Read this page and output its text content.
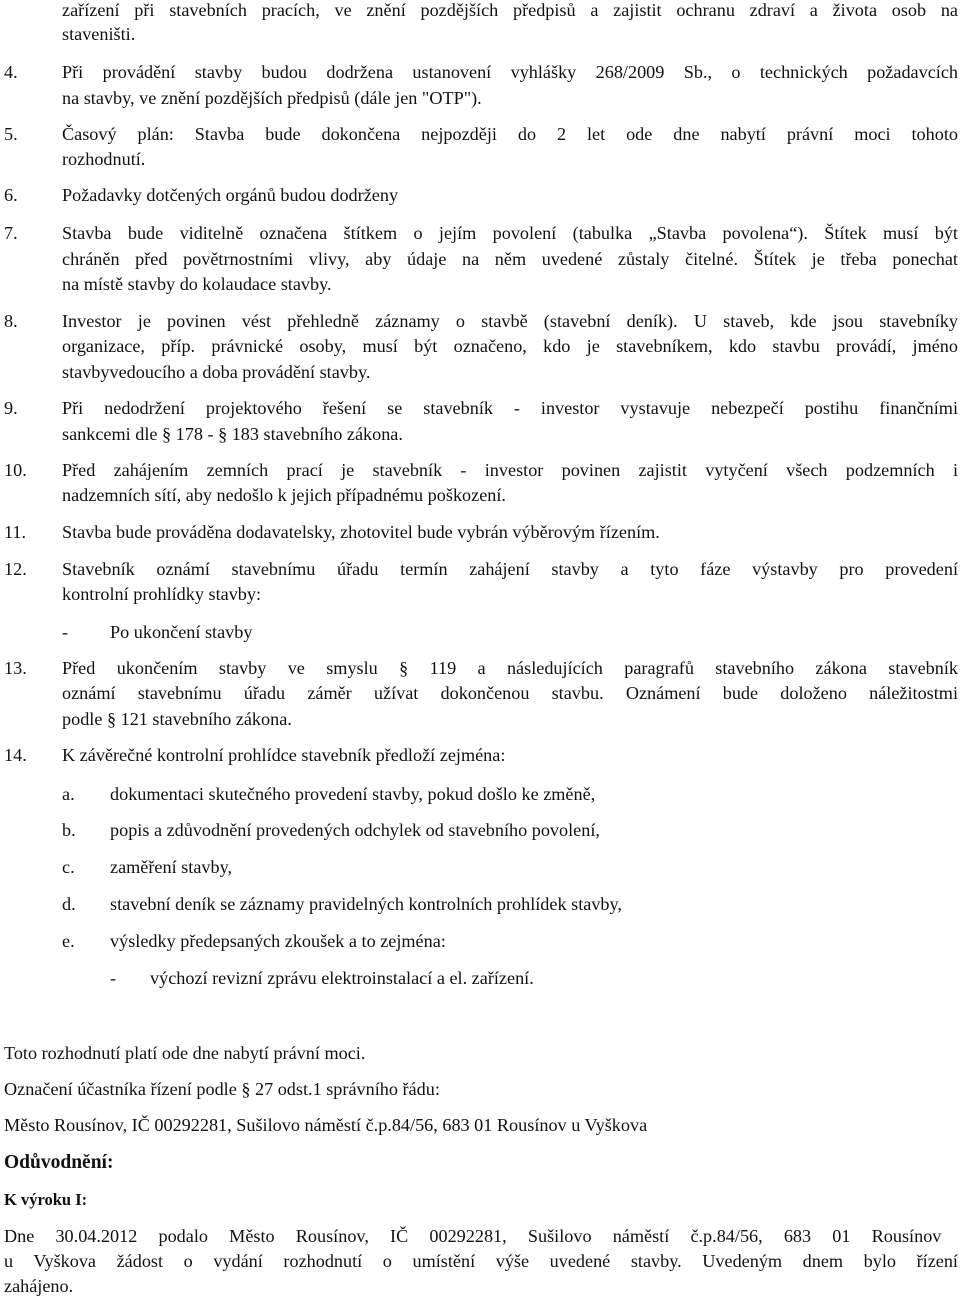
zařízení při stavebních pracích, ve znění pozdějších předpisů a zajistit ochranu zdraví a života osob na
staveništi.
4. Při provádění stavby budou dodržena ustanovení vyhlášky 268/2009 Sb., o technických požadavcích
na stavby, ve znění pozdějších předpisů (dále jen "OTP").
5. Časový plán: Stavba bude dokončena nejpozději do 2 let ode dne nabytí právní moci tohoto
rozhodnutí.
6. Požadavky dotčených orgánů budou dodrženy
7. Stavba bude viditelně označena štítkem o jejím povolení (tabulka „Stavba povolena“). Štítek musí být
chráněn před povětrnostními vlivy, aby údaje na něm uvedené zůstaly čitelné. Štítek je třeba ponechat
na místě stavby do kolaudace stavby.
8. Investor je povinen vést přehledně záznamy o stavbě (stavební deník). U staveb, kde jsou stavebníky
organizace, příp. právnické osoby, musí být označeno, kdo je stavebníkem, kdo stavbu provádí, jméno
stavbyvedoucího a doba provádění stavby.
9. Při nedodržení projektového řešení se stavebník - investor vystavuje nebezpečí postihu finančními
sankcemi dle § 178 - § 183 stavebního zákona.
10. Před zahájením zemních prací je stavebník - investor povinen zajistit vytyčení všech podzemních i
nadzemních sítí, aby nedošlo k jejich případnému poškození.
11. Stavba bude prováděna dodavatelsky, zhotovitel bude vybrán výběrovým řízením.
12. Stavebník oznámí stavebnímu úřadu termín zahájení stavby a tyto fáze výstavby pro provedení
kontrolní prohlídky stavby:
- Po ukončení stavby
13. Před ukončením stavby ve smyslu § 119 a následujících paragrafů stavebního zákona stavebník
oznámí stavebnímu úřadu záměr užívat dokončenou stavbu. Oznámení bude doloženo náležitostmi
podle § 121 stavebního zákona.
14. K závěrečné kontrolní prohlídce stavebník předloží zejména:
a. dokumentaci skutečného provedení stavby, pokud došlo ke změně,
b. popis a zdůvodnění provedených odchylek od stavebního povolení,
c. zaměření stavby,
d. stavební deník se záznamy pravidelných kontrolních prohlídek stavby,
e. výsledky předepsaných zkoušek a to zejména:
- výchozí revizní zprávu elektroinstalací a el. zařízení.
Toto rozhodnutí platí ode dne nabytí právní moci.
Označení účastníka řízení podle § 27 odst.1 správního řádu:
Město Rousínov, IČ 00292281, Sušilovo náměstí č.p.84/56, 683 01 Rousínov u Vyškova
Odůvodnění:
K výroku I:
Dne 30.04.2012 podalo Město Rousínov, IČ 00292281, Sušilovo náměstí č.p.84/56, 683 01 Rousínov
u Vyškova žádost o vydání rozhodnutí o umístění výše uvedené stavby. Uvedeným dnem bylo řízení
zahájeno.
